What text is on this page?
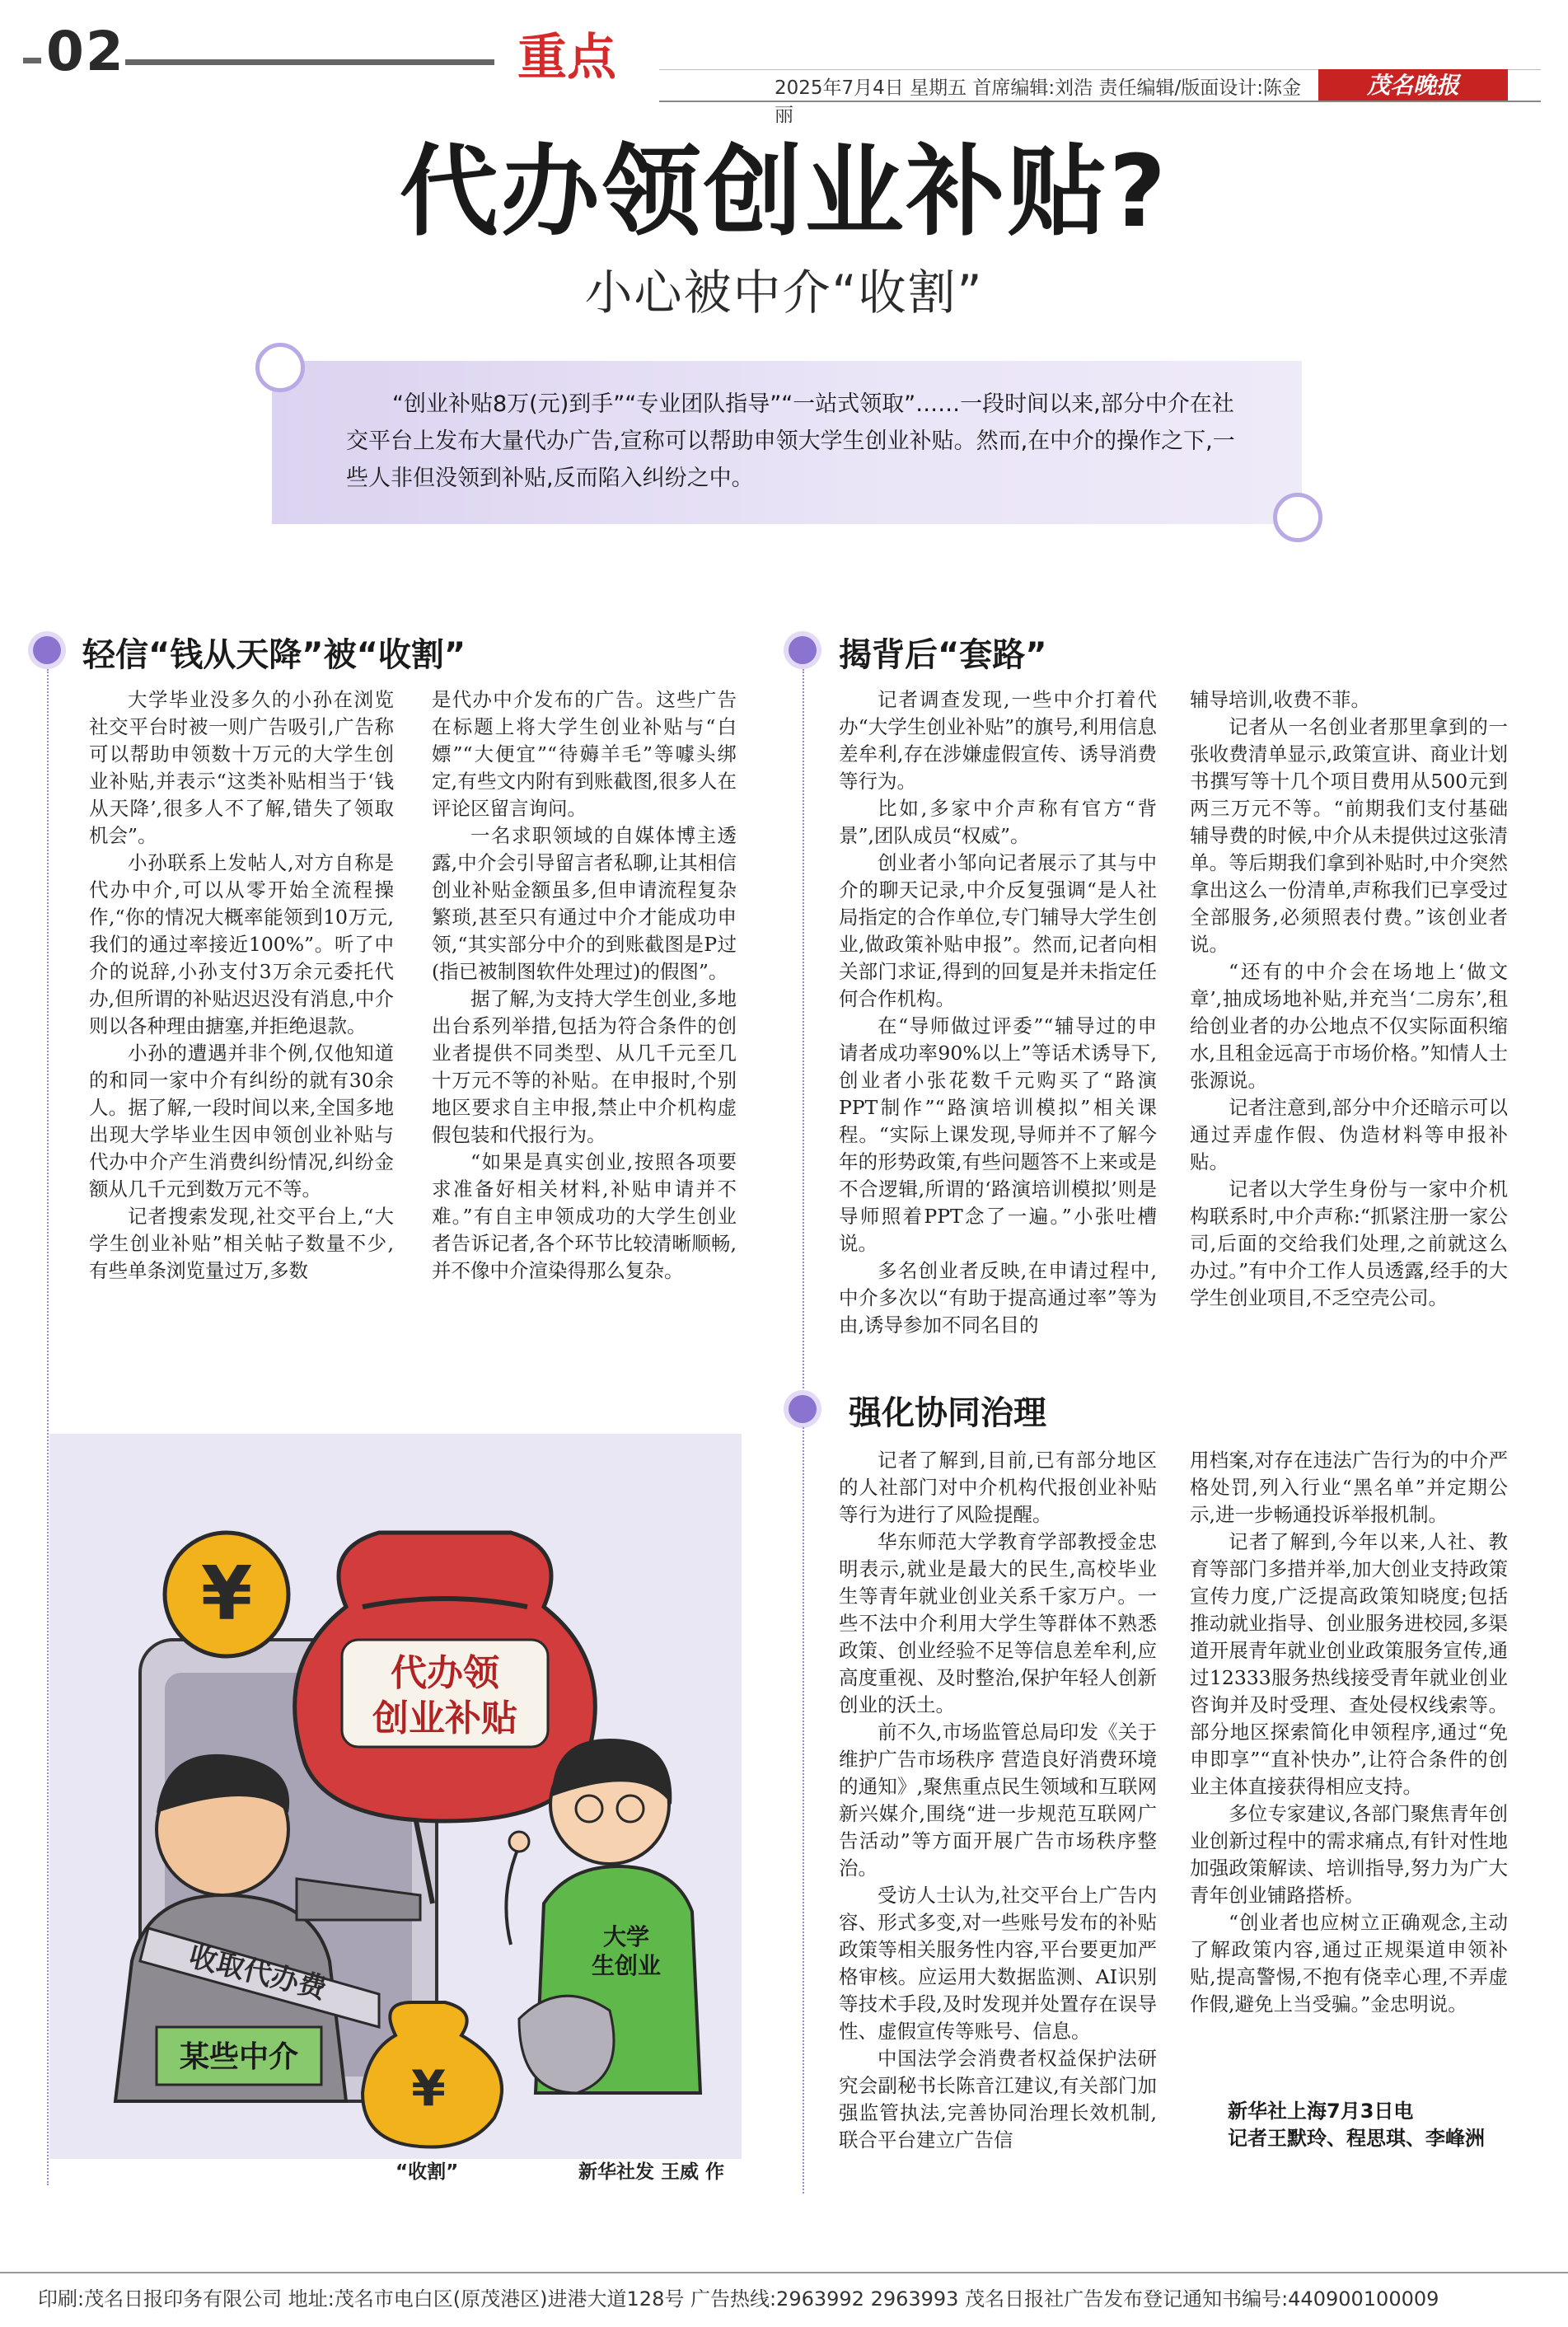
02	重点
2025年7月4日 星期五 首席编辑:刘浩 责任编辑/版面设计:陈金丽
茂名晚报
代办领创业补贴?
小心被中介“收割”
“创业补贴8万(元)到手”“专业团队指导”“一站式领取”……一段时间以来,部分中介在社交平台上发布大量代办广告,宣称可以帮助申领大学生创业补贴。然而,在中介的操作之下,一些人非但没领到补贴,反而陷入纠纷之中。
轻信“钱从天降”被“收割”

大学毕业没多久的小孙在浏览社交平台时被一则广告吸引,广告称可以帮助申领数十万元的大学生创业补贴,并表示“这类补贴相当于‘钱从天降’,很多人不了解,错失了领取机会”。

小孙联系上发帖人,对方自称是代办中介,可以从零开始全流程操作,“你的情况大概率能领到10万元,我们的通过率接近100%”。听了中介的说辞,小孙支付3万余元委托代办,但所谓的补贴迟迟没有消息,中介则以各种理由搪塞,并拒绝退款。

小孙的遭遇并非个例,仅他知道的和同一家中介有纠纷的就有30余人。据了解,一段时间以来,全国多地出现大学毕业生因申领创业补贴与代办中介产生消费纠纷情况,纠纷金额从几千元到数万元不等。

记者搜索发现,社交平台上,“大学生创业补贴”相关帖子数量不少,有些单条浏览量过万,多数

是代办中介发布的广告。这些广告在标题上将大学生创业补贴与“白嫖”“大便宜”“待薅羊毛”等噱头绑定,有些文内附有到账截图,很多人在评论区留言询问。

一名求职领域的自媒体博主透露,中介会引导留言者私聊,让其相信创业补贴金额虽多,但申请流程复杂繁琐,甚至只有通过中介才能成功申领,“其实部分中介的到账截图是P过(指已被制图软件处理过)的假图”。

据了解,为支持大学生创业,多地出台系列举措,包括为符合条件的创业者提供不同类型、从几千元至几十万元不等的补贴。在申报时,个别地区要求自主申报,禁止中介机构虚假包装和代报行为。

“如果是真实创业,按照各项要求准备好相关材料,补贴申请并不难。”有自主申领成功的大学生创业者告诉记者,各个环节比较清晰顺畅,并不像中介渲染得那么复杂。

揭背后“套路”

记者调查发现,一些中介打着代办“大学生创业补贴”的旗号,利用信息差牟利,存在涉嫌虚假宣传、诱导消费等行为。

比如,多家中介声称有官方“背景”,团队成员“权威”。

创业者小邹向记者展示了其与中介的聊天记录,中介反复强调“是人社局指定的合作单位,专门辅导大学生创业,做政策补贴申报”。然而,记者向相关部门求证,得到的回复是并未指定任何合作机构。

在“导师做过评委”“辅导过的申请者成功率90%以上”等话术诱导下,创业者小张花数千元购买了“路演PPT制作”“路演培训模拟”相关课程。“实际上课发现,导师并不了解今年的形势政策,有些问题答不上来或是不合逻辑,所谓的‘路演培训模拟’则是导师照着PPT念了一遍。”小张吐槽说。

多名创业者反映,在申请过程中,中介多次以“有助于提高通过率”等为由,诱导参加不同名目的

辅导培训,收费不菲。

记者从一名创业者那里拿到的一张收费清单显示,政策宣讲、商业计划书撰写等十几个项目费用从500元到两三万元不等。“前期我们支付基础辅导费的时候,中介从未提供过这张清单。等后期我们拿到补贴时,中介突然拿出这么一份清单,声称我们已享受过全部服务,必须照表付费。”该创业者说。

“还有的中介会在场地上‘做文章’,抽成场地补贴,并充当‘二房东’,租给创业者的办公地点不仅实际面积缩水,且租金远高于市场价格。”知情人士张源说。

记者注意到,部分中介还暗示可以通过弄虚作假、伪造材料等申报补贴。

记者以大学生身份与一家中介机构联系时,中介声称:“抓紧注册一家公司,后面的交给我们处理,之前就这么办过。”有中介工作人员透露,经手的大学生创业项目,不乏空壳公司。

强化协同治理

记者了解到,目前,已有部分地区的人社部门对中介机构代报创业补贴等行为进行了风险提醒。

华东师范大学教育学部教授金忠明表示,就业是最大的民生,高校毕业生等青年就业创业关系千家万户。一些不法中介利用大学生等群体不熟悉政策、创业经验不足等信息差牟利,应高度重视、及时整治,保护年轻人创新创业的沃土。

前不久,市场监管总局印发《关于维护广告市场秩序 营造良好消费环境的通知》,聚焦重点民生领域和互联网新兴媒介,围绕“进一步规范互联网广告活动”等方面开展广告市场秩序整治。

受访人士认为,社交平台上广告内容、形式多变,对一些账号发布的补贴政策等相关服务性内容,平台要更加严格审核。应运用大数据监测、AI识别等技术手段,及时发现并处置存在误导性、虚假宣传等账号、信息。

中国法学会消费者权益保护法研究会副秘书长陈音江建议,有关部门加强监管执法,完善协同治理长效机制,联合平台建立广告信

用档案,对存在违法广告行为的中介严格处罚,列入行业“黑名单”并定期公示,进一步畅通投诉举报机制。

记者了解到,今年以来,人社、教育等部门多措并举,加大创业支持政策宣传力度,广泛提高政策知晓度;包括推动就业指导、创业服务进校园,多渠道开展青年就业创业政策服务宣传,通过12333服务热线接受青年就业创业咨询并及时受理、查处侵权线索等。部分地区探索简化申领程序,通过“免申即享”“直补快办”,让符合条件的创业主体直接获得相应支持。

多位专家建议,各部门聚焦青年创业创新过程中的需求痛点,有针对性地加强政策解读、培训指导,努力为广大青年创业铺路搭桥。

“创业者也应树立正确观念,主动了解政策内容,通过正规渠道申领补贴,提高警惕,不抱有侥幸心理,不弄虚作假,避免上当受骗。”金忠明说。

新华社上海7月3日电
记者王默玲、程思琪、李峰洲
¥
代办领
创业补贴
收取代办费
¥
某些中介
大学
生创业
“收割”	新华社发 王威 作
印刷:茂名日报印务有限公司 地址:茂名市电白区(原茂港区)进港大道128号 广告热线:2963992 2963993 茂名日报社广告发布登记通知书编号:440900100009
